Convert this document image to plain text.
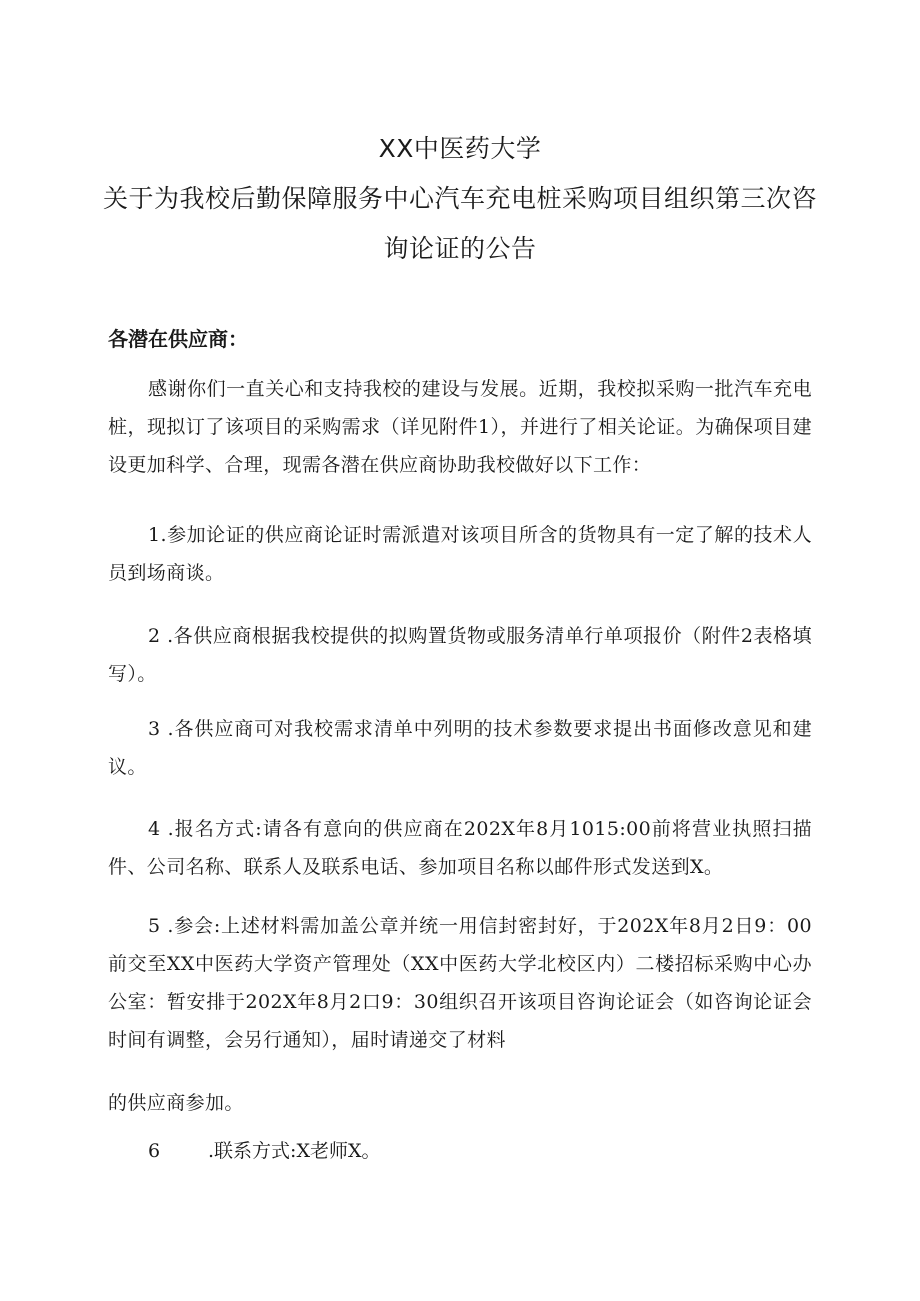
XX中医药大学
关于为我校后勤保障服务中心汽车充电桩采购项目组织第三次咨
询论证的公告
各潜在供应商：
感谢你们一直关心和支持我校的建设与发展。近期，我校拟采购一批汽车充电桩，现拟订了该项目的采购需求（详见附件1），并进行了相关论证。为确保项目建设更加科学、合理，现需各潜在供应商协助我校做好以下工作：
1.参加论证的供应商论证时需派遣对该项目所含的货物具有一定了解的技术人员到场商谈。
2 .各供应商根据我校提供的拟购置货物或服务清单行单项报价（附件2表格填写）。
3 .各供应商可对我校需求清单中列明的技术参数要求提出书面修改意见和建议。
4 .报名方式:请各有意向的供应商在202X年8月1015:00前将营业执照扫描件、公司名称、联系人及联系电话、参加项目名称以邮件形式发送到X。
5 .参会:上述材料需加盖公章并统一用信封密封好，于202X年8月2日9：00前交至XX中医药大学资产管理处（XX中医药大学北校区内）二楼招标采购中心办公室：暂安排于202X年8月2口9：30组织召开该项目咨询论证会（如咨询论证会时间有调整，会另行通知），届时请递交了材料
的供应商参加。
6	.联系方式:X老师X。
